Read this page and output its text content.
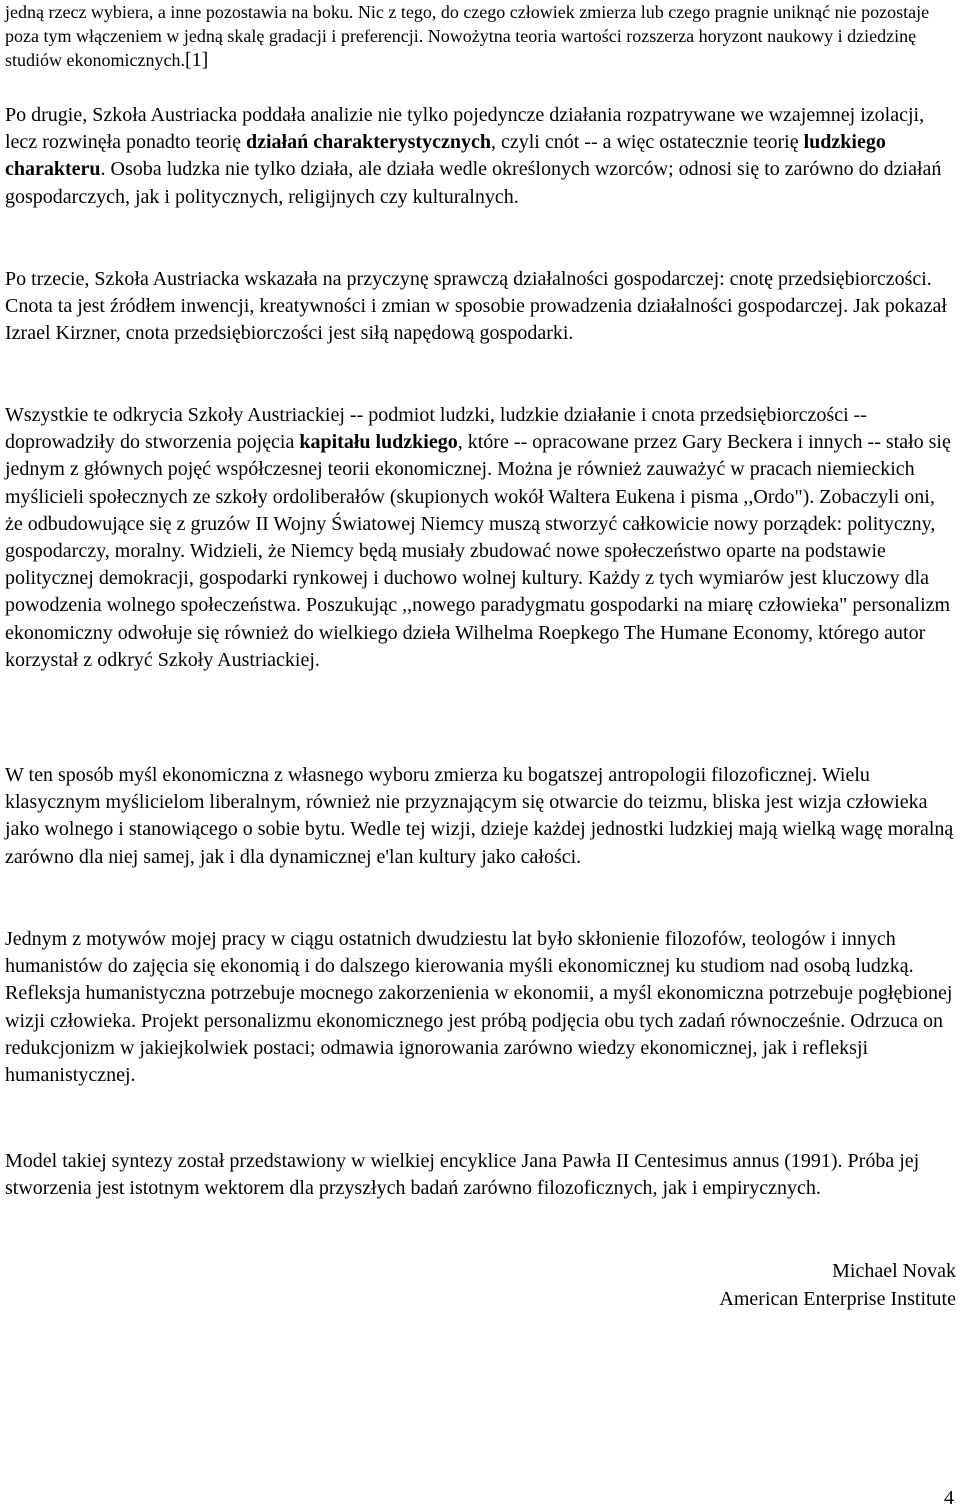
jedną rzecz wybiera, a inne pozostawia na boku. Nic z tego, do czego człowiek zmierza lub czego pragnie uniknąć nie pozostaje poza tym włączeniem w jedną skalę gradacji i preferencji. Nowożytna teoria wartości rozszerza horyzont naukowy i dziedzinę studiów ekonomicznych.[1]
Po drugie, Szkoła Austriacka poddała analizie nie tylko pojedyncze działania rozpatrywane we wzajemnej izolacji, lecz rozwinęła ponadto teorię działań charakterystycznych, czyli cnót -- a więc ostatecznie teorię ludzkiego charakteru. Osoba ludzka nie tylko działa, ale działa wedle określonych wzorców; odnosi się to zarówno do działań gospodarczych, jak i politycznych, religijnych czy kulturalnych.
Po trzecie, Szkoła Austriacka wskazała na przyczynę sprawczą działalności gospodarczej: cnotę przedsiębiorczości. Cnota ta jest źródłem inwencji, kreatywności i zmian w sposobie prowadzenia działalności gospodarczej. Jak pokazał Izrael Kirzner, cnota przedsiębiorczości jest siłą napędową gospodarki.
Wszystkie te odkrycia Szkoły Austriackiej -- podmiot ludzki, ludzkie działanie i cnota przedsiębiorczości -- doprowadziły do stworzenia pojęcia kapitału ludzkiego, które -- opracowane przez Gary Beckera i innych -- stało się jednym z głównych pojęć współczesnej teorii ekonomicznej. Można je również zauważyć w pracach niemieckich myślicieli społecznych ze szkoły ordoliberałów (skupionych wokół Waltera Eukena i pisma ,,Ordo"). Zobaczyli oni, że odbudowujące się z gruzów II Wojny Światowej Niemcy muszą stworzyć całkowicie nowy porządek: polityczny, gospodarczy, moralny. Widzieli, że Niemcy będą musiały zbudować nowe społeczeństwo oparte na podstawie politycznej demokracji, gospodarki rynkowej i duchowo wolnej kultury. Każdy z tych wymiarów jest kluczowy dla powodzenia wolnego społeczeństwa. Poszukując ,,nowego paradygmatu gospodarki na miarę człowieka" personalizm ekonomiczny odwołuje się również do wielkiego dzieła Wilhelma Roepkego The Humane Economy, którego autor korzystał z odkryć Szkoły Austriackiej.
W ten sposób myśl ekonomiczna z własnego wyboru zmierza ku bogatszej antropologii filozoficznej. Wielu klasycznym myślicielom liberalnym, również nie przyznającym się otwarcie do teizmu, bliska jest wizja człowieka jako wolnego i stanowiącego o sobie bytu. Wedle tej wizji, dzieje każdej jednostki ludzkiej mają wielką wagę moralną zarówno dla niej samej, jak i dla dynamicznej e'lan kultury jako całości.
Jednym z motywów mojej pracy w ciągu ostatnich dwudziestu lat było skłonienie filozofów, teologów i innych humanistów do zajęcia się ekonomią i do dalszego kierowania myśli ekonomicznej ku studiom nad osobą ludzką. Refleksja humanistyczna potrzebuje mocnego zakorzenienia w ekonomii, a myśl ekonomiczna potrzebuje pogłębionej wizji człowieka. Projekt personalizmu ekonomicznego jest próbą podjęcia obu tych zadań równocześnie. Odrzuca on redukcjonizm w jakiejkolwiek postaci; odmawia ignorowania zarówno wiedzy ekonomicznej, jak i refleksji humanistycznej.
Model takiej syntezy został przedstawiony w wielkiej encyklice Jana Pawła II Centesimus annus (1991). Próba jej stworzenia jest istotnym wektorem dla przyszłych badań zarówno filozoficznych, jak i empirycznych.
Michael Novak
American Enterprise Institute
4
